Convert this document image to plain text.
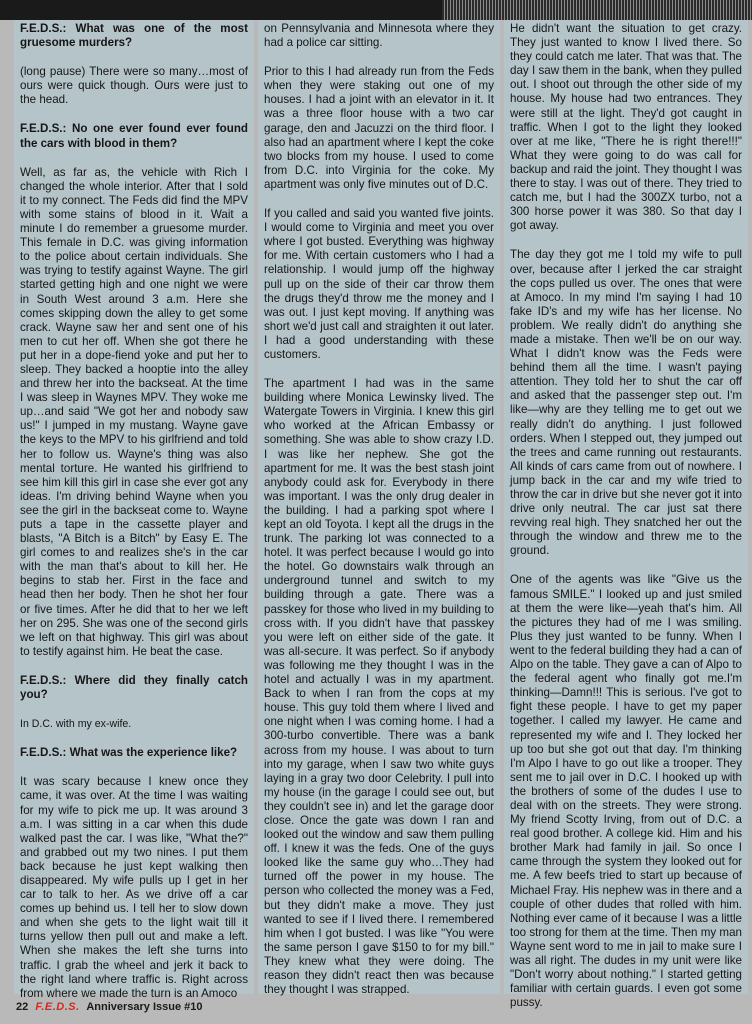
F.E.D.S.: What was one of the most gruesome murders?

(long pause) There were so many…most of ours were quick though. Ours were just to the head.

F.E.D.S.: No one ever found ever found the cars with blood in them?

Well, as far as, the vehicle with Rich I changed the whole interior. After that I sold it to my connect. The Feds did find the MPV with some stains of blood in it. Wait a minute I do remember a gruesome murder. This female in D.C. was giving information to the police about certain individuals. She was trying to testify against Wayne. The girl started getting high and one night we were in South West around 3 a.m. Here she comes skipping down the alley to get some crack. Wayne saw her and sent one of his men to cut her off. When she got there he put her in a dope-fiend yoke and put her to sleep. They backed a hooptie into the alley and threw her into the backseat. At the time I was sleep in Waynes MPV. They woke me up…and said "We got her and nobody saw us!" I jumped in my mustang. Wayne gave the keys to the MPV to his girlfriend and told her to follow us. Wayne's thing was also mental torture. He wanted his girlfriend to see him kill this girl in case she ever got any ideas. I'm driving behind Wayne when you see the girl in the backseat come to. Wayne puts a tape in the cassette player and blasts, "A Bitch is a Bitch" by Easy E. The girl comes to and realizes she's in the car with the man that's about to kill her. He begins to stab her. First in the face and head then her body. Then he shot her four or five times. After he did that to her we left her on 295. She was one of the second girls we left on that highway. This girl was about to testify against him. He beat the case.

F.E.D.S.: Where did they finally catch you?

In D.C. with my ex-wife.

F.E.D.S.: What was the experience like?

It was scary because I knew once they came, it was over. At the time I was waiting for my wife to pick me up. It was around 3 a.m. I was sitting in a car when this dude walked past the car. I was like, "What the?" and grabbed out my two nines. I put them back because he just kept walking then disappeared. My wife pulls up I get in her car to talk to her. As we drive off a car comes up behind us. I tell her to slow down and when she gets to the light wait till it turns yellow then pull out and make a left. When she makes the left she turns into traffic. I grab the wheel and jerk it back to the right land where traffic is. Right across from where we made the turn is an Amoco

on Pennsylvania and Minnesota where they had a police car sitting.

Prior to this I had already run from the Feds when they were staking out one of my houses. I had a joint with an elevator in it. It was a three floor house with a two car garage, den and Jacuzzi on the third floor. I also had an apartment where I kept the coke two blocks from my house. I used to come from D.C. into Virginia for the coke. My apartment was only five minutes out of D.C.

If you called and said you wanted five joints. I would come to Virginia and meet you over where I got busted. Everything was highway for me. With certain customers who I had a relationship. I would jump off the highway pull up on the side of their car throw them the drugs they'd throw me the money and I was out. I just kept moving. If anything was short we'd just call and straighten it out later. I had a good understanding with these customers.

The apartment I had was in the same building where Monica Lewinsky lived. The Watergate Towers in Virginia. I knew this girl who worked at the African Embassy or something. She was able to show crazy I.D. I was like her nephew. She got the apartment for me. It was the best stash joint anybody could ask for. Everybody in there was important. I was the only drug dealer in the building. I had a parking spot where I kept an old Toyota. I kept all the drugs in the trunk. The parking lot was connected to a hotel. It was perfect because I would go into the hotel. Go downstairs walk through an underground tunnel and switch to my building through a gate. There was a passkey for those who lived in my building to cross with. If you didn't have that passkey you were left on either side of the gate. It was all-secure. It was perfect. So if anybody was following me they thought I was in the hotel and actually I was in my apartment. Back to when I ran from the cops at my house. This guy told them where I lived and one night when I was coming home. I had a 300-turbo convertible. There was a bank across from my house. I was about to turn into my garage, when I saw two white guys laying in a gray two door Celebrity. I pull into my house (in the garage I could see out, but they couldn't see in) and let the garage door close. Once the gate was down I ran and looked out the window and saw them pulling off. I knew it was the feds. One of the guys looked like the same guy who…They had turned off the power in my house. The person who collected the money was a Fed, but they didn't make a move. They just wanted to see if I lived there. I remembered him when I got busted. I was like "You were the same person I gave $150 to for my bill." They knew what they were doing. The reason they didn't react then was because they thought I was strapped.

He didn't want the situation to get crazy. They just wanted to know I lived there. So they could catch me later. That was that. The day I saw them in the bank, when they pulled out. I shoot out through the other side of my house. My house had two entrances. They were still at the light. They'd got caught in traffic. When I got to the light they looked over at me like, "There he is right there!!!" What they were going to do was call for backup and raid the joint. They thought I was there to stay. I was out of there. They tried to catch me, but I had the 300ZX turbo, not a 300 horse power it was 380. So that day I got away.

The day they got me I told my wife to pull over, because after I jerked the car straight the cops pulled us over. The ones that were at Amoco. In my mind I'm saying I had 10 fake ID's and my wife has her license. No problem. We really didn't do anything she made a mistake. Then we'll be on our way. What I didn't know was the Feds were behind them all the time. I wasn't paying attention. They told her to shut the car off and asked that the passenger step out. I'm like—why are they telling me to get out we really didn't do anything. I just followed orders. When I stepped out, they jumped out the trees and came running out restaurants. All kinds of cars came from out of nowhere. I jump back in the car and my wife tried to throw the car in drive but she never got it into drive only neutral. The car just sat there revving real high. They snatched her out the through the window and threw me to the ground.

One of the agents was like "Give us the famous SMILE." I looked up and just smiled at them the were like—yeah that's him. All the pictures they had of me I was smiling. Plus they just wanted to be funny. When I went to the federal building they had a can of Alpo on the table. They gave a can of Alpo to the federal agent who finally got me.I'm thinking—Damn!!! This is serious. I've got to fight these people. I have to get my paper together. I called my lawyer. He came and represented my wife and I. They locked her up too but she got out that day. I'm thinking I'm Alpo I have to go out like a trooper. They sent me to jail over in D.C. I hooked up with the brothers of some of the dudes I use to deal with on the streets. They were strong. My friend Scotty Irving, from out of D.C. a real good brother. A college kid. Him and his brother Mark had family in jail. So once I came through the system they looked out for me. A few beefs tried to start up because of Michael Fray. His nephew was in there and a couple of other dudes that rolled with him. Nothing ever came of it because I was a little too strong for them at the time. Then my man Wayne sent word to me in jail to make sure I was all right. The dudes in my unit were like "Don't worry about nothing." I started getting familiar with certain guards. I even got some pussy.

22 F.E.D.S. Anniversary Issue #10
